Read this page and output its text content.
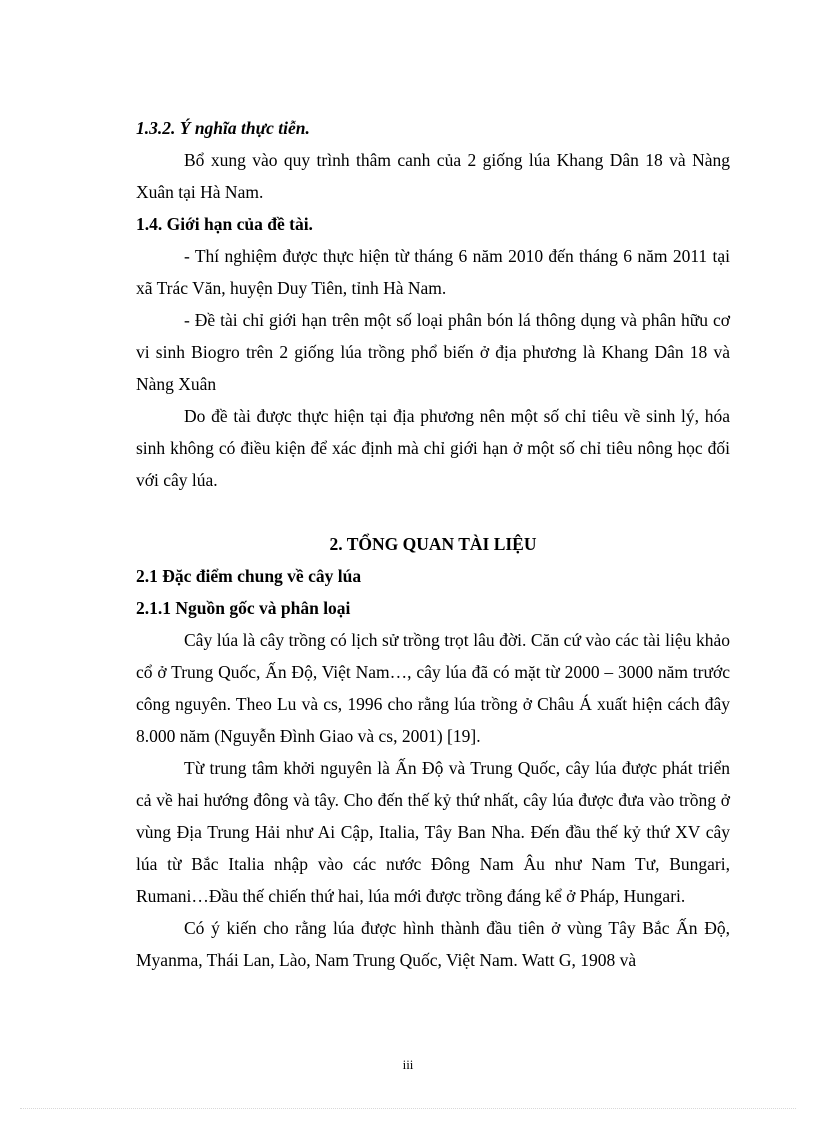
1.3.2. Ý nghĩa thực tiễn.

Bổ xung vào quy trình thâm canh của 2 giống lúa Khang Dân 18 và Nàng Xuân tại Hà Nam.

1.4. Giới hạn của đề tài.

- Thí nghiệm được thực hiện từ tháng 6 năm 2010 đến tháng 6 năm 2011 tại xã Trác Văn, huyện Duy Tiên, tỉnh Hà Nam.

- Đề tài chỉ giới hạn trên một số loại phân bón lá thông dụng và phân hữu cơ vi sinh Biogro trên 2 giống lúa trồng phổ biến ở địa phương là Khang Dân 18 và Nàng Xuân

Do đề tài được thực hiện tại địa phương nên một số chỉ tiêu về sinh lý, hóa sinh không có điều kiện để xác định mà chỉ giới hạn ở một số chỉ tiêu nông học đối với cây lúa.

2. TỔNG QUAN TÀI LIỆU

2.1 Đặc điểm chung về cây lúa

2.1.1 Nguồn gốc và phân loại

Cây lúa là cây trồng có lịch sử trồng trọt lâu đời. Căn cứ vào các tài liệu khảo cổ ở Trung Quốc, Ấn Độ, Việt Nam…, cây lúa đã có mặt từ 2000 – 3000 năm trước công nguyên. Theo Lu và cs, 1996 cho rằng lúa trồng ở Châu Á xuất hiện cách đây 8.000 năm (Nguyễn Đình Giao và cs, 2001) [19].

Từ trung tâm khởi nguyên là Ấn Độ và Trung Quốc, cây lúa được phát triển cả về hai hướng đông và tây. Cho đến thế kỷ thứ nhất, cây lúa được đưa vào trồng ở vùng Địa Trung Hải như Ai Cập, Italia, Tây Ban Nha. Đến đầu thế kỷ thứ XV cây lúa từ Bắc Italia nhập vào các nước Đông Nam Âu như Nam Tư, Bungari, Rumani…Đầu thế chiến thứ hai, lúa mới được trồng đáng kể ở Pháp, Hungari.

Có ý kiến cho rằng lúa được hình thành đầu tiên ở vùng Tây Bắc Ấn Độ, Myanma, Thái Lan, Lào, Nam Trung Quốc, Việt Nam. Watt G, 1908 và

iii
